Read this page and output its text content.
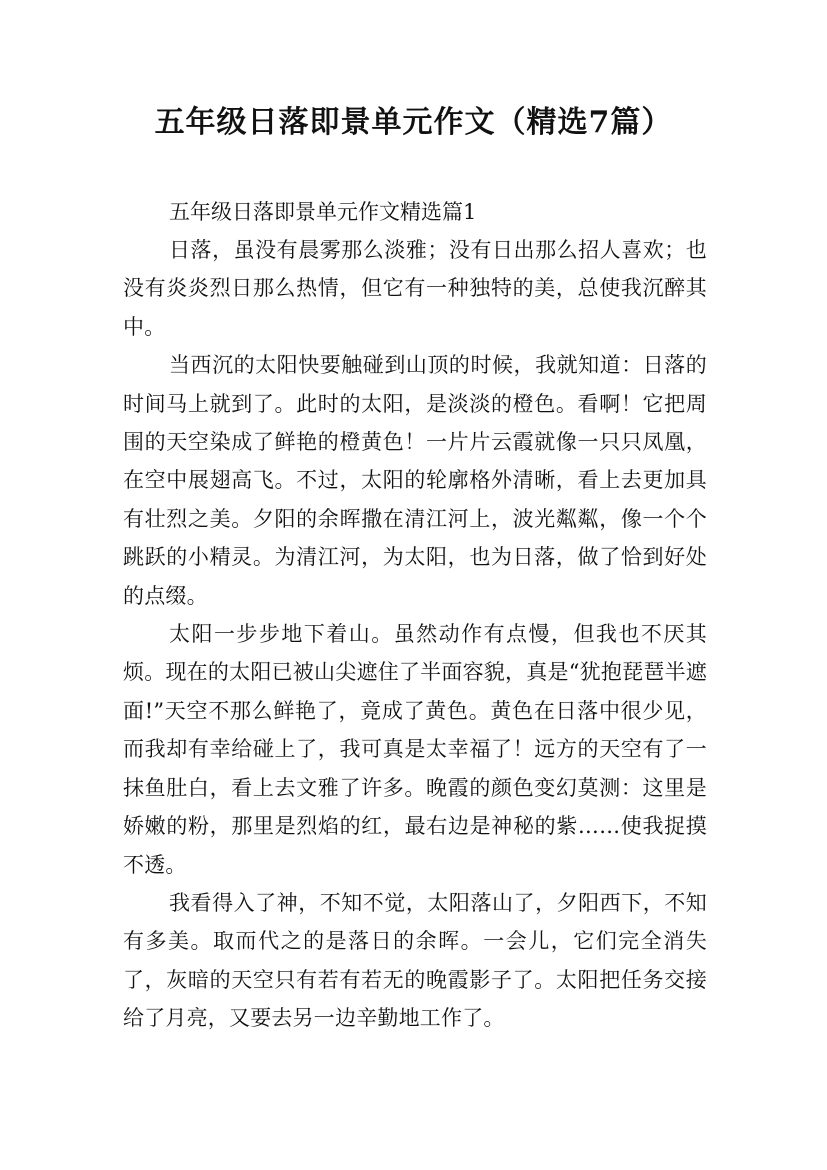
五年级日落即景单元作文（精选7篇）
五年级日落即景单元作文精选篇1

日落，虽没有晨雾那么淡雅；没有日出那么招人喜欢；也没有炎炎烈日那么热情，但它有一种独特的美，总使我沉醉其中。

当西沉的太阳快要触碰到山顶的时候，我就知道：日落的时间马上就到了。此时的太阳，是淡淡的橙色。看啊！它把周围的天空染成了鲜艳的橙黄色！一片片云霞就像一只只凤凰，在空中展翅高飞。不过，太阳的轮廓格外清晰，看上去更加具有壮烈之美。夕阳的余晖撒在清江河上，波光粼粼，像一个个跳跃的小精灵。为清江河，为太阳，也为日落，做了恰到好处的点缀。

太阳一步步地下着山。虽然动作有点慢，但我也不厌其烦。现在的太阳已被山尖遮住了半面容貌，真是“犹抱琵琶半遮面!”天空不那么鲜艳了，竟成了黄色。黄色在日落中很少见，而我却有幸给碰上了，我可真是太幸福了！远方的天空有了一抹鱼肚白，看上去文雅了许多。晚霞的颜色变幻莫测：这里是娇嫩的粉，那里是烈焰的红，最右边是神秘的紫……使我捉摸不透。

我看得入了神，不知不觉，太阳落山了，夕阳西下，不知有多美。取而代之的是落日的余晖。一会儿，它们完全消失了，灰暗的天空只有若有若无的晚霞影子了。太阳把任务交接给了月亮，又要去另一边辛勤地工作了。
